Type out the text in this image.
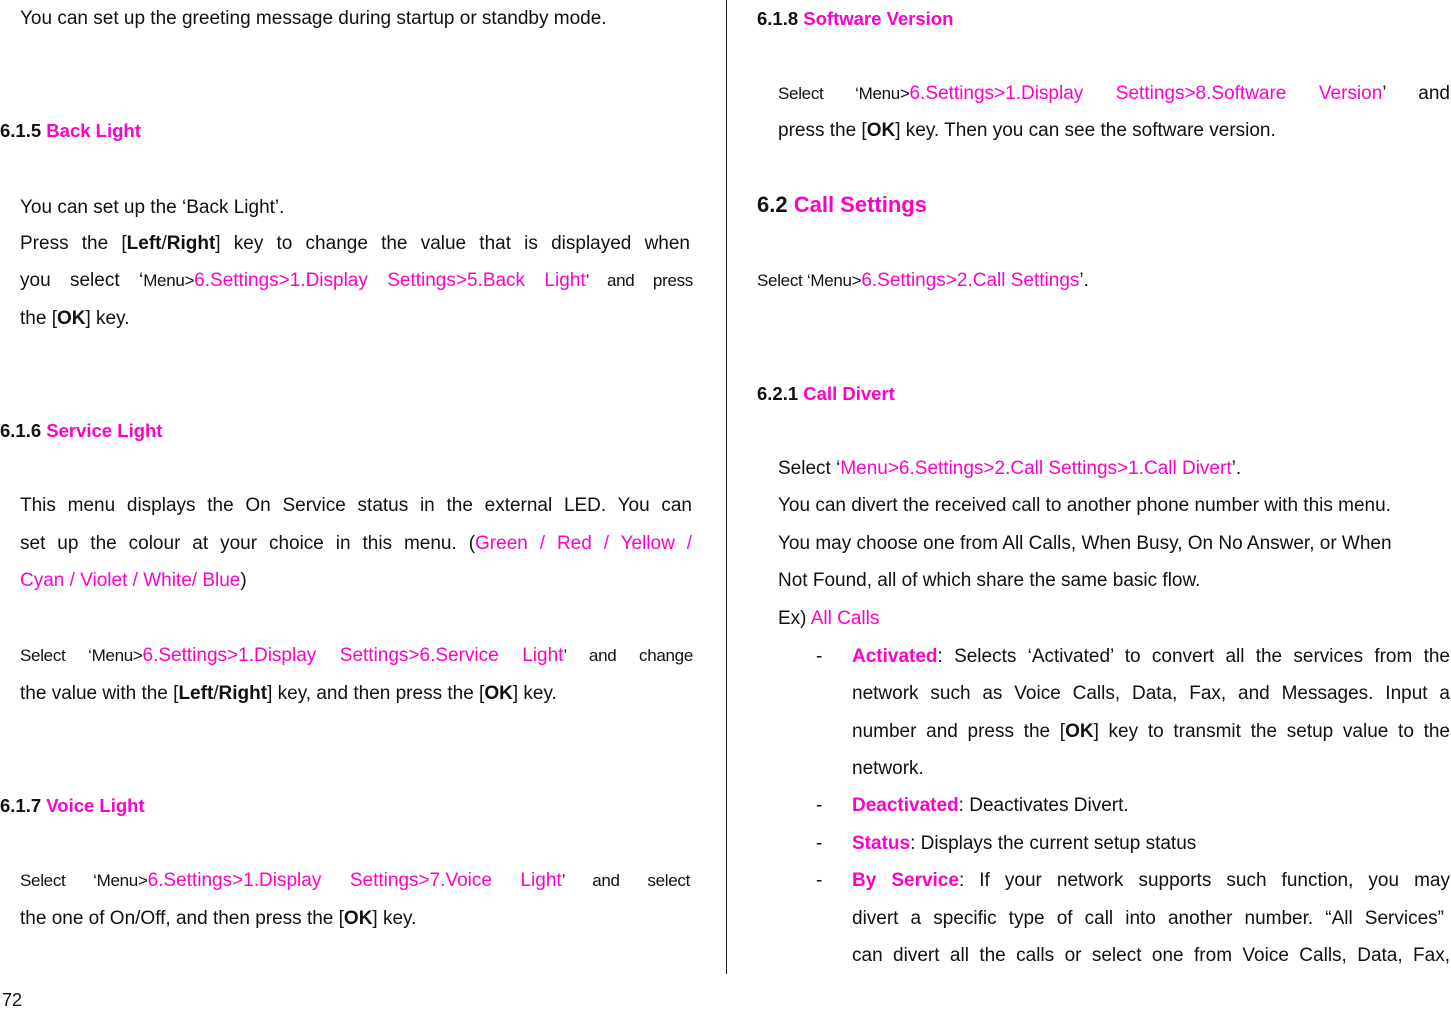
You can set up the greeting message during startup or standby mode.
6.1.5 Back Light
You can set up the ‘Back Light’.
Press the [Left/Right] key to change the value that is displayed when
you select ‘Menu>6.Settings>1.Display Settings>5.Back Light’ and press
the [OK] key.
6.1.6 Service Light
This menu displays the On Service status in the external LED. You can
set up the colour at your choice in this menu. (Green / Red / Yellow /
Cyan / Violet / White/ Blue)
Select ‘Menu>6.Settings>1.Display Settings>6.Service Light’ and change
the value with the [Left/Right] key, and then press the [OK] key.
6.1.7 Voice Light
Select ‘Menu>6.Settings>1.Display Settings>7.Voice Light’ and select
the one of On/Off, and then press the [OK] key.
6.1.8 Software Version
Select ‘Menu>6.Settings>1.Display Settings>8.Software Version’ and
press the [OK] key. Then you can see the software version.
6.2 Call Settings
Select ‘Menu>6.Settings>2.Call Settings’.
6.2.1 Call Divert
Select ‘Menu>6.Settings>2.Call Settings>1.Call Divert’.
You can divert the received call to another phone number with this menu.
You may choose one from All Calls, When Busy, On No Answer, or When
Not Found, all of which share the same basic flow.
Ex) All Calls
- Activated: Selects ‘Activated’ to convert all the services from the
network such as Voice Calls, Data, Fax, and Messages. Input a
number and press the [OK] key to transmit the setup value to the
network.
- Deactivated: Deactivates Divert.
- Status: Displays the current setup status
- By Service: If your network supports such function, you may
divert a specific type of call into another number. “All Services”
can divert all the calls or select one from Voice Calls, Data, Fax,
72
